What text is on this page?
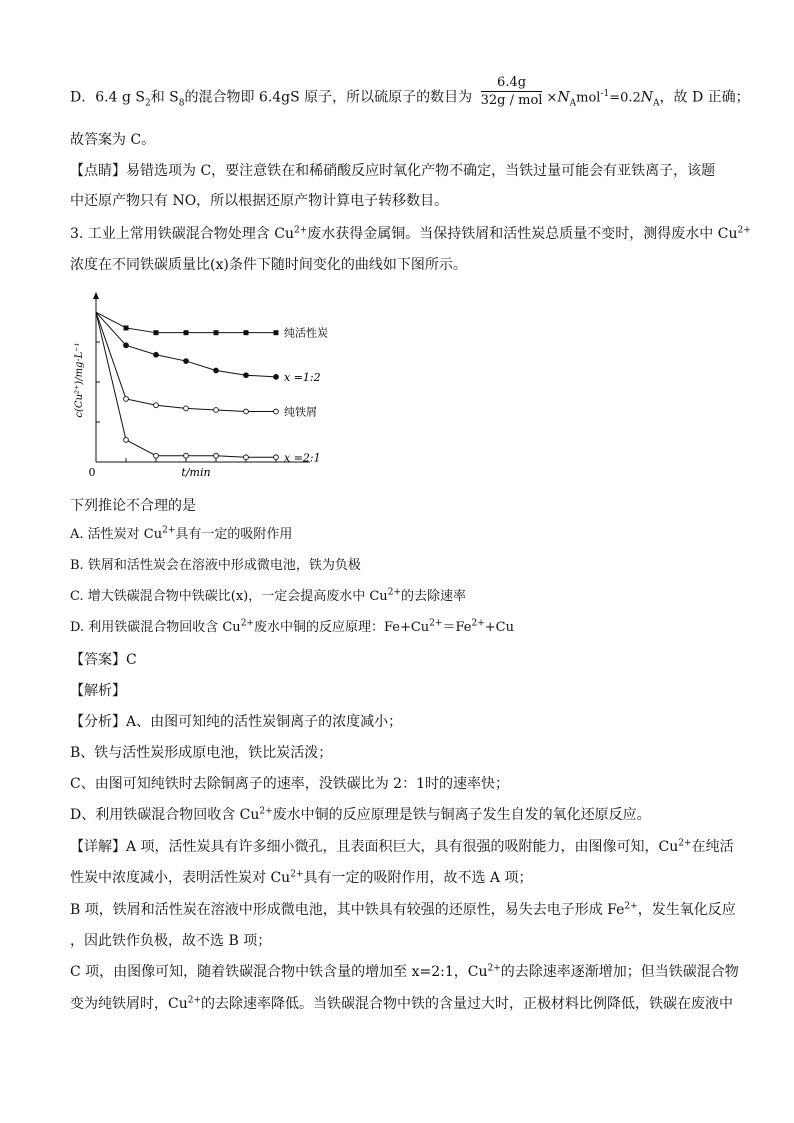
D．6.4 g $S_2$和 $S_8$的混合物即 6.4gS 原子，所以硫原子的数目为 $\frac{6.4g}{\text{32g / mol}} \times N_Amol^{-1}=0.2N_A$，故 D 正确；
故答案为 C。
【点睛】易错选项为 C，要注意铁在和稀硝酸反应时氧化产物不确定，当铁过量可能会有亚铁离子，该题
中还原产物只有 NO，所以根据还原产物计算电子转移数目。
3. 工业上常用铁碳混合物处理含 $Cu^{2+}$废水获得金属铜。当保持铁屑和活性炭总质量不变时，测得废水中 $Cu^{2+}$
浓度在不同铁碳质量比(x)条件下随时间变化的曲线如下图所示。
0	t/min
c(Cu²⁺)/mg·L⁻¹
纯活性炭
x =1:2
纯铁屑
x =2:1
下列推论不合理的是
A. 活性炭对 $Cu^{2+}$具有一定的吸附作用
B. 铁屑和活性炭会在溶液中形成微电池，铁为负极
C. 增大铁碳混合物中铁碳比(x)，一定会提高废水中 $Cu^{2+}$的去除速率
D. 利用铁碳混合物回收含 $Cu^{2+}$废水中铜的反应原理：$Fe+Cu^{2+}=Fe^{2+}+Cu$
【答案】C
【解析】
【分析】A、由图可知纯的活性炭铜离子的浓度减小；
B、铁与活性炭形成原电池，铁比炭活泼；
C、由图可知纯铁时去除铜离子的速率，没铁碳比为 2：1时的速率快；
D、利用铁碳混合物回收含 $Cu^{2+}$废水中铜的反应原理是铁与铜离子发生自发的氧化还原反应。
【详解】A 项，活性炭具有许多细小微孔，且表面积巨大，具有很强的吸附能力，由图像可知，$Cu^{2+}$在纯活
性炭中浓度减小，表明活性炭对 $Cu^{2+}$具有一定的吸附作用，故不选 A 项；
B 项，铁屑和活性炭在溶液中形成微电池，其中铁具有较强的还原性，易失去电子形成 $Fe^{2+}$，发生氧化反应
，因此铁作负极，故不选 B 项；
C 项，由图像可知，随着铁碳混合物中铁含量的增加至 x=2:1，$Cu^{2+}$的去除速率逐渐增加；但当铁碳混合物
变为纯铁屑时，$Cu^{2+}$的去除速率降低。当铁碳混合物中铁的含量过大时，正极材料比例降低，铁碳在废液中
